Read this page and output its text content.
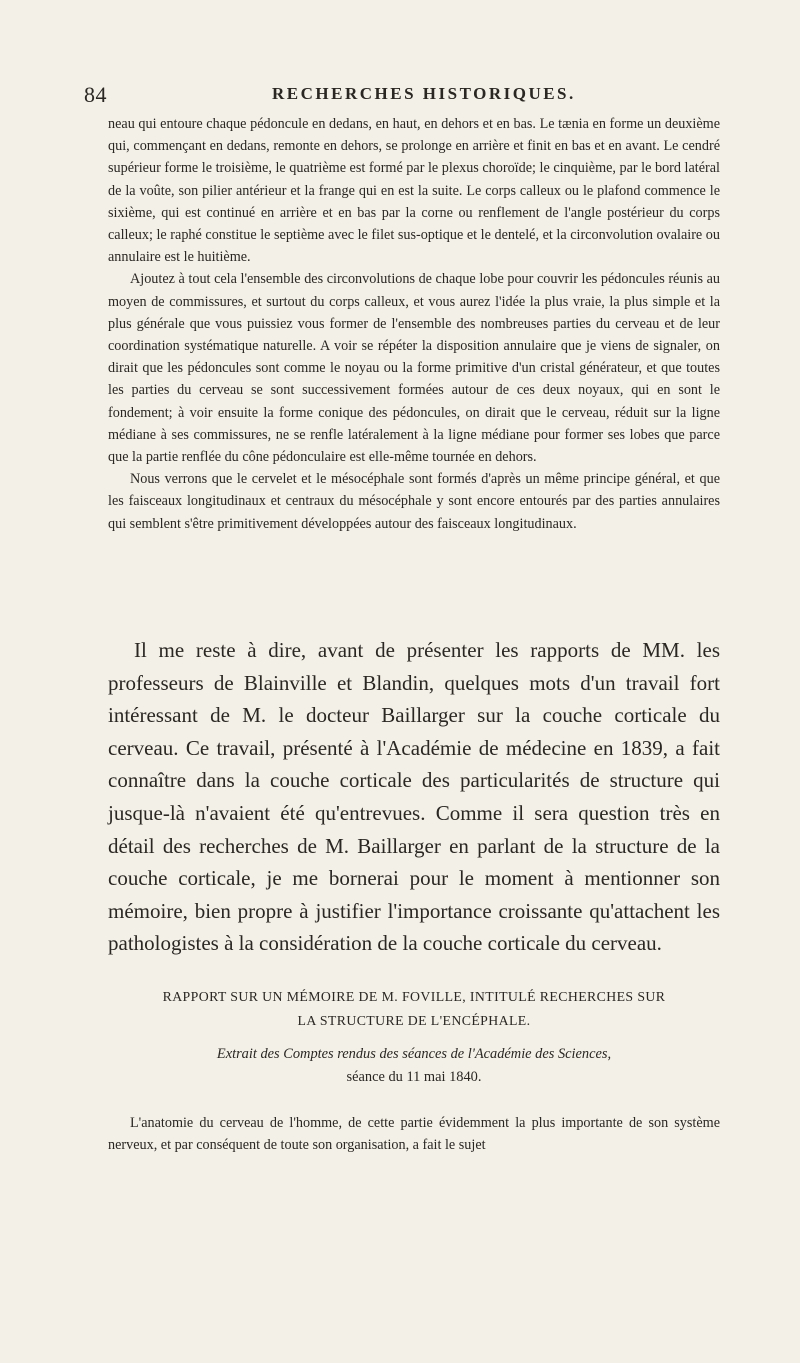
84	RECHERCHES HISTORIQUES.

neau qui entoure chaque pédoncule en dedans, en haut, en dehors et en bas. Le tænia en forme un deuxième qui, commençant en dedans, remonte en dehors, se prolonge en arrière et finit en bas et en avant. Le cendré supérieur forme le troisième, le quatrième est formé par le plexus choroïde; le cinquième, par le bord latéral de la voûte, son pilier antérieur et la frange qui en est la suite. Le corps calleux ou le plafond commence le sixième, qui est continué en arrière et en bas par la corne ou renflement de l'angle postérieur du corps calleux; le raphé constitue le septième avec le filet sus-optique et le dentelé, et la circonvolution ovalaire ou annulaire est le huitième.

Ajoutez à tout cela l'ensemble des circonvolutions de chaque lobe pour couvrir les pédoncules réunis au moyen de commissures, et surtout du corps calleux, et vous aurez l'idée la plus vraie, la plus simple et la plus générale que vous puissiez vous former de l'ensemble des nombreuses parties du cerveau et de leur coordination systématique naturelle. A voir se répéter la disposition annulaire que je viens de signaler, on dirait que les pédoncules sont comme le noyau ou la forme primitive d'un cristal générateur, et que toutes les parties du cerveau se sont successivement formées autour de ces deux noyaux, qui en sont le fondement; à voir ensuite la forme conique des pédoncules, on dirait que le cerveau, réduit sur la ligne médiane à ses commissures, ne se renfle latéralement à la ligne médiane pour former ses lobes que parce que la partie renflée du cône pédonculaire est elle-même tournée en dehors.

Nous verrons que le cervelet et le mésocéphale sont formés d'après un même principe général, et que les faisceaux longitudinaux et centraux du mésocéphale y sont encore entourés par des parties annulaires qui semblent s'être primitivement développées autour des faisceaux longitudinaux.

Il me reste à dire, avant de présenter les rapports de MM. les professeurs de Blainville et Blandin, quelques mots d'un travail fort intéressant de M. le docteur Baillarger sur la couche corticale du cerveau. Ce travail, présenté à l'Académie de médecine en 1839, a fait connaître dans la couche corticale des particularités de structure qui jusque-là n'avaient été qu'entrevues. Comme il sera question très en détail des recherches de M. Baillarger en parlant de la structure de la couche corticale, je me bornerai pour le moment à mentionner son mémoire, bien propre à justifier l'importance croissante qu'attachent les pathologistes à la considération de la couche corticale du cerveau.

RAPPORT SUR UN MÉMOIRE DE M. FOVILLE, INTITULÉ RECHERCHES SUR
LA STRUCTURE DE L'ENCÉPHALE.

Extrait des Comptes rendus des séances de l'Académie des Sciences,
séance du 11 mai 1840.

L'anatomie du cerveau de l'homme, de cette partie évidemment la plus importante de son système nerveux, et par conséquent de toute son organisation, a fait le sujet
